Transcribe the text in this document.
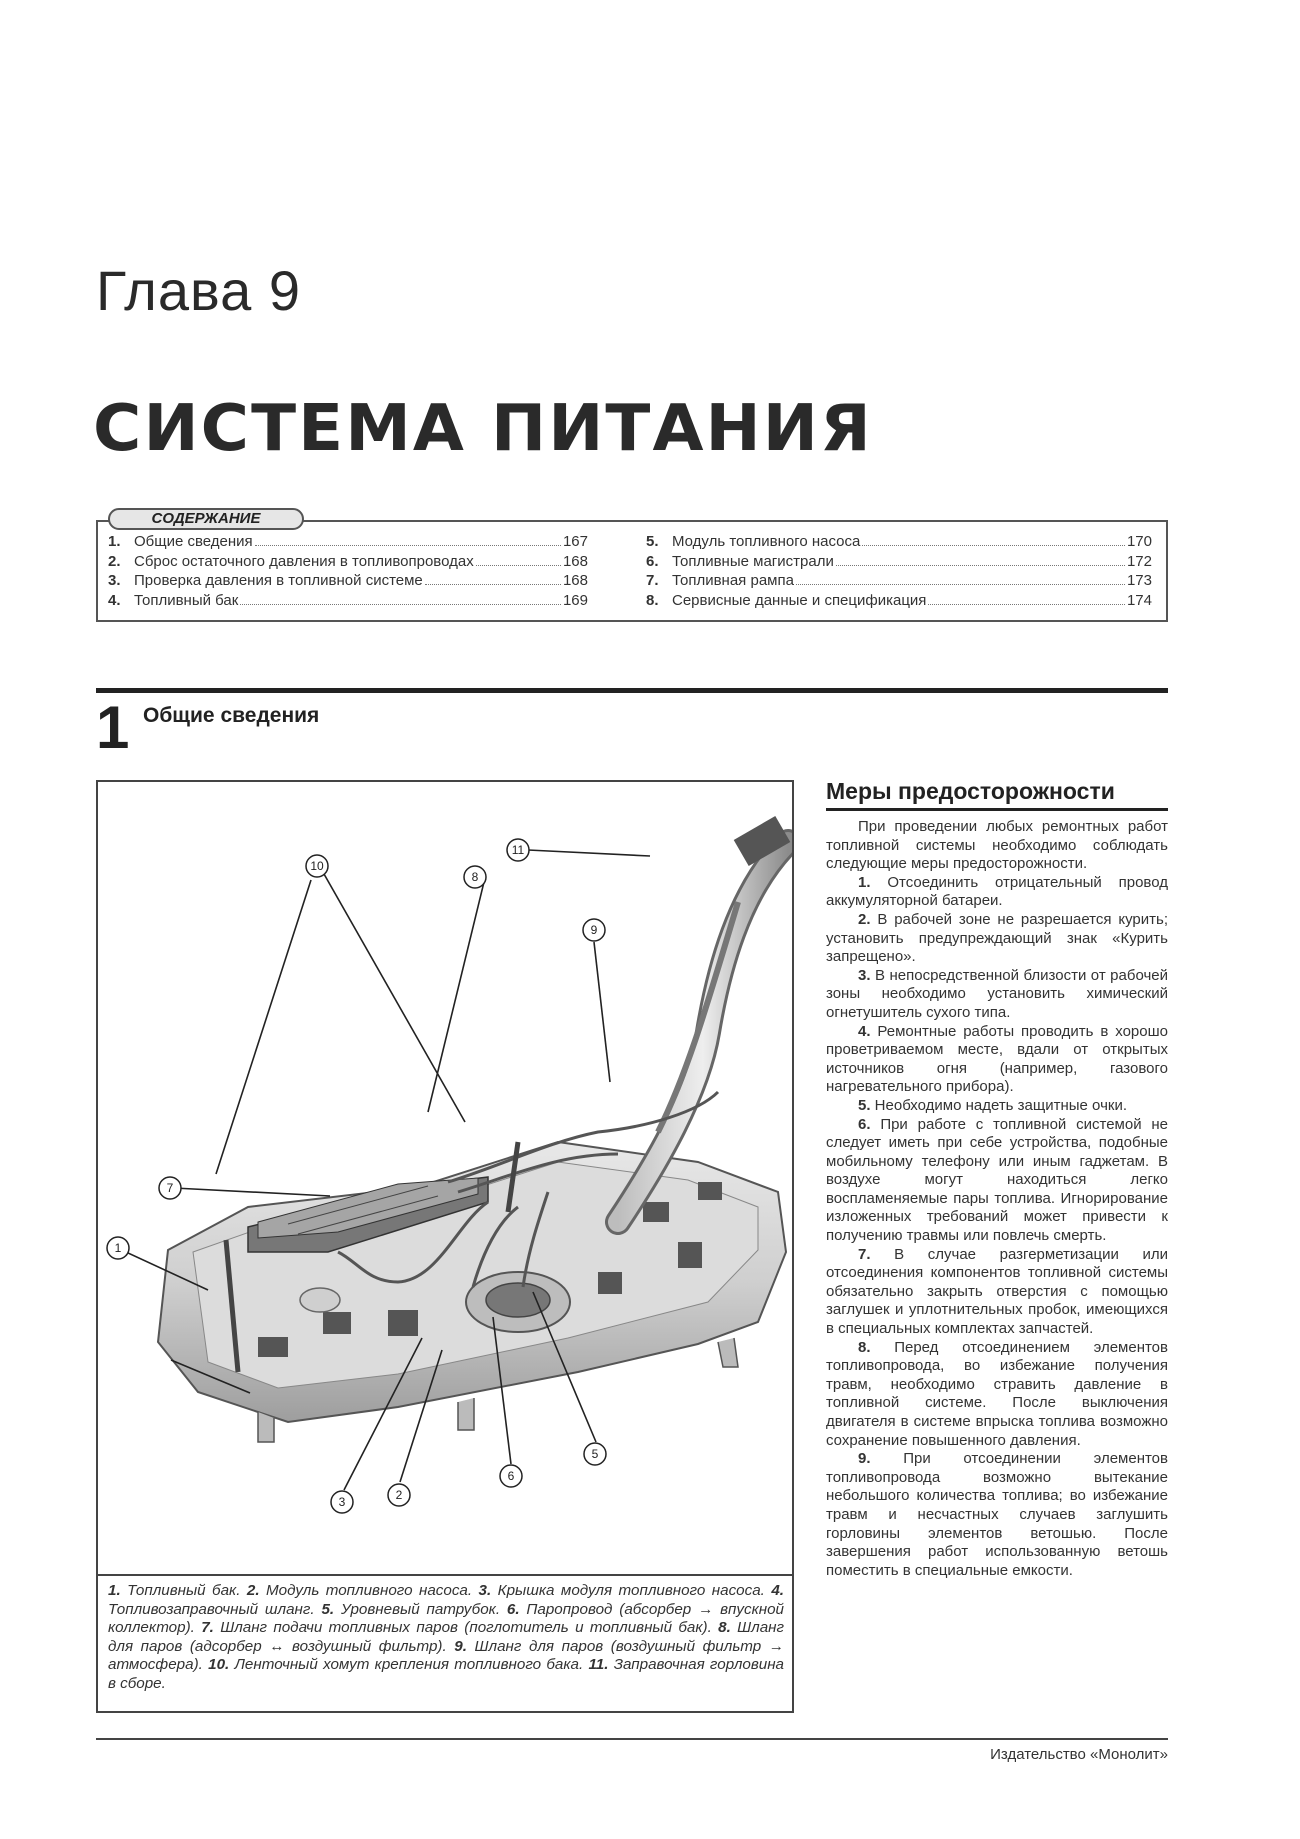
Глава 9
СИСТЕМА ПИТАНИЯ
СОДЕРЖАНИЕ
1. Общие сведения	167
2. Сброс остаточного давления в топливопроводах	168
3. Проверка давления в топливной системе	168
4. Топливный бак	169
5. Модуль топливного насоса	170
6. Топливные магистрали	172
7. Топливная рампа	173
8. Сервисные данные и спецификация	174
1 Общие сведения
1
2
3
5
6
7
8
9
10
11
1. Топливный бак. 2. Модуль топливного насоса. 3. Крышка модуля топливного насоса. 4. Топливозаправочный шланг. 5. Уровневый патрубок. 6. Паропровод (абсорбер → впускной коллектор). 7. Шланг подачи топливных паров (поглотитель и топливный бак). 8. Шланг для паров (адсорбер ↔ воздушный фильтр). 9. Шланг для паров (воздушный фильтр → атмосфера). 10. Ленточный хомут крепления топливного бака. 11. Заправочная горловина в сборе.
Меры предосторожности

При проведении любых ремонтных работ топливной системы необходимо соблюдать следующие меры предосторожности.

1. Отсоединить отрицательный провод аккумуляторной батареи.

2. В рабочей зоне не разрешается курить; установить предупреждающий знак «Курить запрещено».

3. В непосредственной близости от рабочей зоны необходимо установить химический огнетушитель сухого типа.

4. Ремонтные работы проводить в хорошо проветриваемом месте, вдали от открытых источников огня (например, газового нагревательного прибора).

5. Необходимо надеть защитные очки.

6. При работе с топливной системой не следует иметь при себе устройства, подобные мобильному телефону или иным гаджетам. В воздухе могут находиться легко воспламеняемые пары топлива. Игнорирование изложенных требований может привести к получению травмы или повлечь смерть.

7. В случае разгерметизации или отсоединения компонентов топливной системы обязательно закрыть отверстия с помощью заглушек и уплотнительных пробок, имеющихся в специальных комплектах запчастей.

8. Перед отсоединением элементов топливопровода, во избежание получения травм, необходимо стравить давление в топливной системе. После выключения двигателя в системе впрыска топлива возможно сохранение повышенного давления.

9. При отсоединении элементов топливопровода возможно вытекание небольшого количества топлива; во избежание травм и несчастных случаев заглушить горловины элементов ветошью. После завершения работ использованную ветошь поместить в специальные емкости.

Издательство «Монолит»
